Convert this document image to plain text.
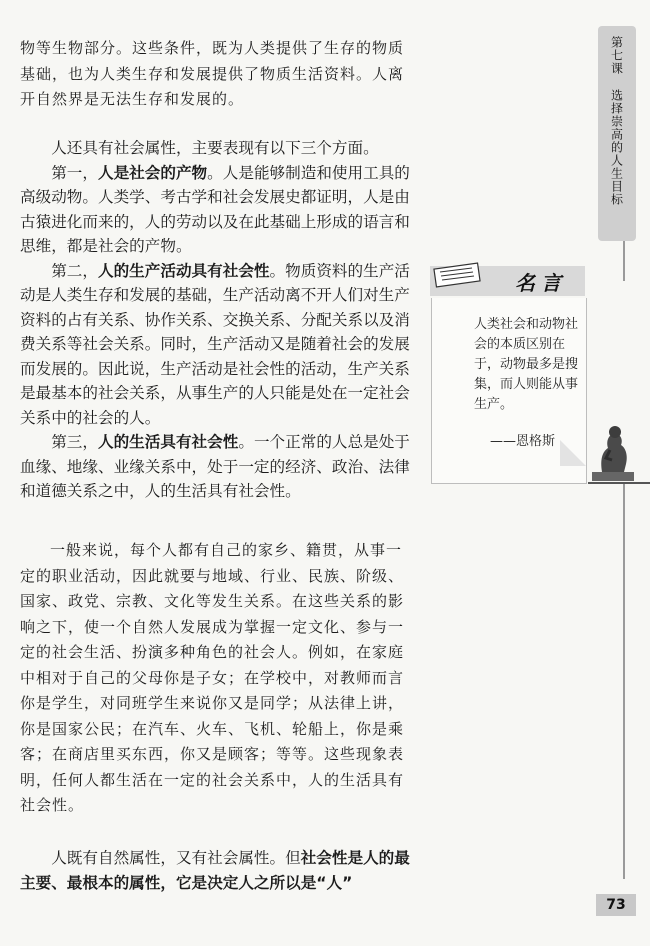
物等生物部分。这些条件，既为人类提供了生存的物质基础，也为人类生存和发展提供了物质生活资料。人离开自然界是无法生存和发展的。

人还具有社会属性，主要表现有以下三个方面。

第一，人是社会的产物。人是能够制造和使用工具的高级动物。人类学、考古学和社会发展史都证明，人是由古猿进化而来的，人的劳动以及在此基础上形成的语言和思维，都是社会的产物。

第二，人的生产活动具有社会性。物质资料的生产活动是人类生存和发展的基础，生产活动离不开人们对生产资料的占有关系、协作关系、交换关系、分配关系以及消费关系等社会关系。同时，生产活动又是随着社会的发展而发展的。因此说，生产活动是社会性的活动，生产关系是最基本的社会关系，从事生产的人只能是处在一定社会关系中的社会的人。

第三，人的生活具有社会性。一个正常的人总是处于血缘、地缘、业缘关系中，处于一定的经济、政治、法律和道德关系之中，人的生活具有社会性。

一般来说，每个人都有自己的家乡、籍贯，从事一定的职业活动，因此就要与地域、行业、民族、阶级、国家、政党、宗教、文化等发生关系。在这些关系的影响之下，使一个自然人发展成为掌握一定文化、参与一定的社会生活、扮演多种角色的社会人。例如，在家庭中相对于自己的父母你是子女；在学校中，对教师而言你是学生，对同班学生来说你又是同学；从法律上讲，你是国家公民；在汽车、火车、飞机、轮船上，你是乘客；在商店里买东西，你又是顾客；等等。这些现象表明，任何人都生活在一定的社会关系中，人的生活具有社会性。

人既有自然属性，又有社会属性。但社会性是人的最主要、最根本的属性，它是决定人之所以是“人”

第七课
选择崇高的人生目标
名言
人类社会和动物社会的本质区别在于，动物最多是搜集，而人则能从事生产。
——恩格斯
73
